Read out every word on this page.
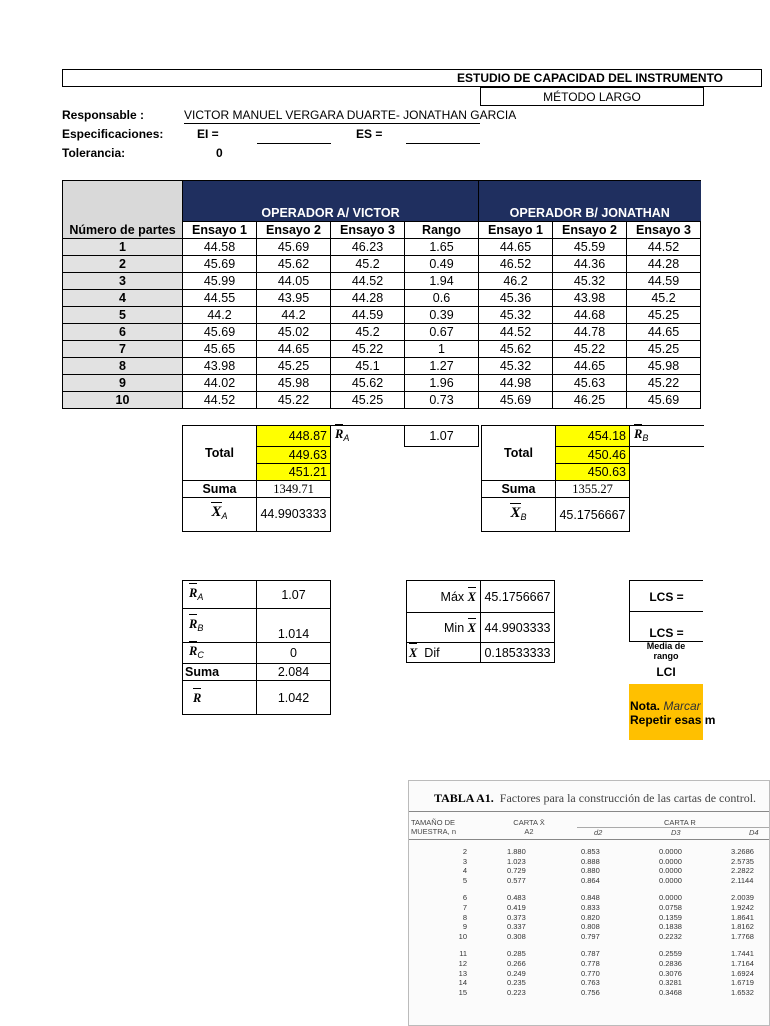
ESTUDIO DE CAPACIDAD DEL INSTRUMENTO
MÉTODO LARGO
Responsable :	VICTOR MANUEL VERGARA DUARTE- JONATHAN GARCIA
Especificaciones:	EI =	ES =
Tolerancia:	0
Número de partes	OPERADOR A/ VICTOR				OPERADOR B/ JONATHAN		
	Ensayo 1	Ensayo 2	Ensayo 3	Rango	Ensayo 1	Ensayo 2	Ensayo 3
1	44.58	45.69	46.23	1.65	44.65	45.59	44.52
2	45.69	45.62	45.2	0.49	46.52	44.36	44.28
3	45.99	44.05	44.52	1.94	46.2	45.32	44.59
4	44.55	43.95	44.28	0.6	45.36	43.98	45.2
5	44.2	44.2	44.59	0.39	45.32	44.68	45.25
6	45.69	45.02	45.2	0.67	44.52	44.78	44.65
7	45.65	44.65	45.22	1	45.62	45.22	45.25
8	43.98	45.25	45.1	1.27	45.32	44.65	45.98
9	44.02	45.98	45.62	1.96	44.98	45.63	45.22
10	44.52	45.22	45.25	0.73	45.69	46.25	45.69
Total	448.87	$R_A$	1.07
	449.63		
	451.21		
Suma	1349.71		
$X_A$	44.9903333		
Total	454.18	$R_B$
	450.46	
	450.63	
Suma	1355.27	
$X_B$	45.1756667	
$R_A$	1.07
$R_B$	1.014
$R_C$	0
Suma	2.084
R	1.042
Máx X	45.1756667
Min X	44.9903333
X Dif	0.18533333
LCS =
LCS =
Media de rango
LCI
Nota. Marcar
Repetir esas m
TABLA A1. Factores para la construcción de las cartas de control.
TAMAÑO DE
MUESTRA, n
CARTA X̄
A2
CARTA R
d2	D3	D4
2	1.880	0.853	0.0000	3.2686
3	1.023	0.888	0.0000	2.5735
4	0.729	0.880	0.0000	2.2822
5	0.577	0.864	0.0000	2.1144
6	0.483	0.848	0.0000	2.0039
7	0.419	0.833	0.0758	1.9242
8	0.373	0.820	0.1359	1.8641
9	0.337	0.808	0.1838	1.8162
10	0.308	0.797	0.2232	1.7768
11	0.285	0.787	0.2559	1.7441
12	0.266	0.778	0.2836	1.7164
13	0.249	0.770	0.3076	1.6924
14	0.235	0.763	0.3281	1.6719
15	0.223	0.756	0.3468	1.6532
